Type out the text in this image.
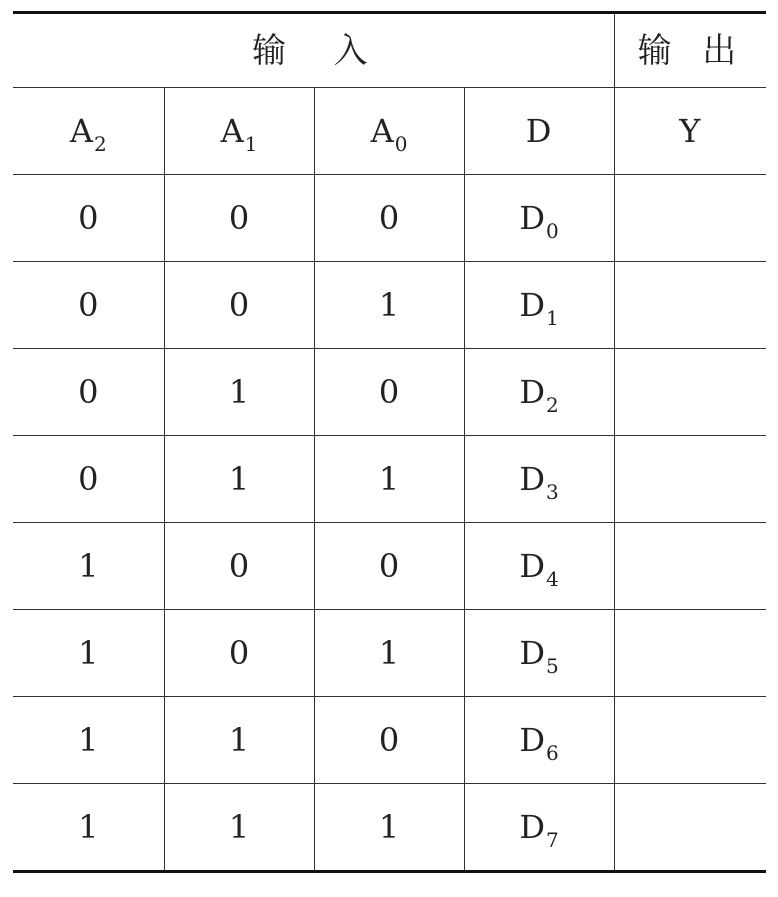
输 入				输 出
$A_2$	$A_1$	$A_0$	D	Y
0	0	0	$D_0$	
0	0	1	$D_1$	
0	1	0	$D_2$	
0	1	1	$D_3$	
1	0	0	$D_4$	
1	0	1	$D_5$	
1	1	0	$D_6$	
1	1	1	$D_7$	
